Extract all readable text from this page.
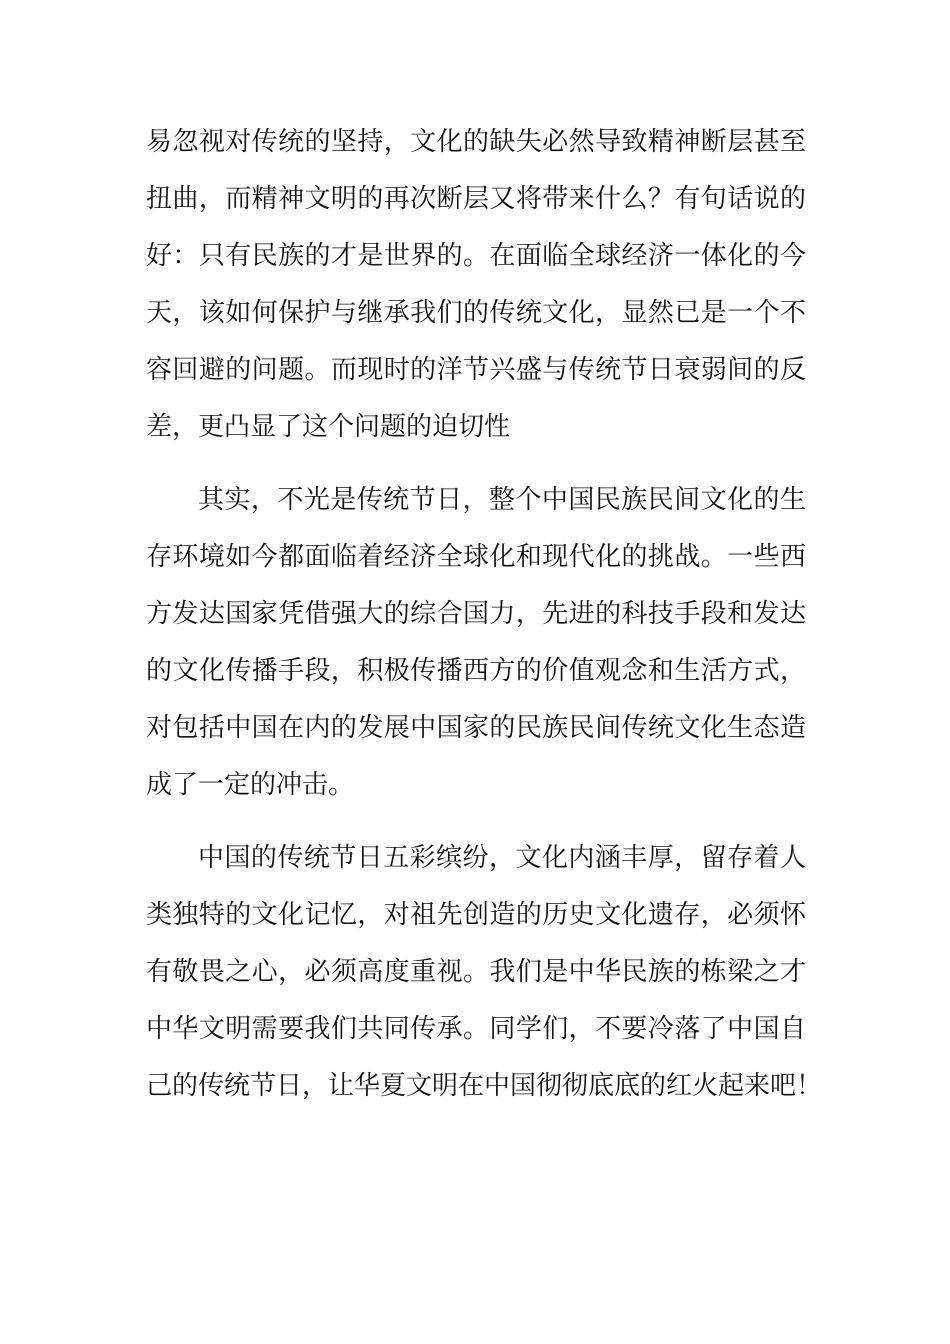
易忽视对传统的坚持，文化的缺失必然导致精神断层甚至
扭曲，而精神文明的再次断层又将带来什么？有句话说的
好：只有民族的才是世界的。在面临全球经济一体化的今
天，该如何保护与继承我们的传统文化，显然已是一个不
容回避的问题。而现时的洋节兴盛与传统节日衰弱间的反
差，更凸显了这个问题的迫切性
其实，不光是传统节日，整个中国民族民间文化的生
存环境如今都面临着经济全球化和现代化的挑战。一些西
方发达国家凭借强大的综合国力，先进的科技手段和发达
的文化传播手段，积极传播西方的价值观念和生活方式，
对包括中国在内的发展中国家的民族民间传统文化生态造
成了一定的冲击。
中国的传统节日五彩缤纷，文化内涵丰厚，留存着人
类独特的文化记忆，对祖先创造的历史文化遗存，必须怀
有敬畏之心，必须高度重视。我们是中华民族的栋梁之才
中华文明需要我们共同传承。同学们，不要冷落了中国自
己的传统节日，让华夏文明在中国彻彻底底的红火起来吧！
